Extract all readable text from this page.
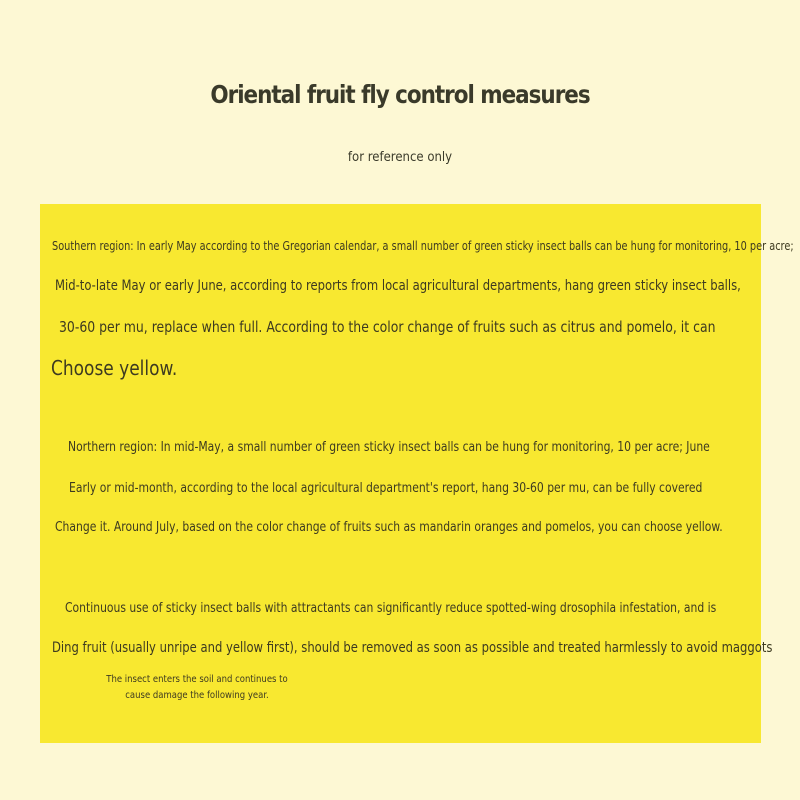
Oriental fruit fly control measures
for reference only
Southern region: In early May according to the Gregorian calendar, a small number of green sticky insect balls can be hung for monitoring, 10 per acre;
Mid-to-late May or early June, according to reports from local agricultural departments, hang green sticky insect balls,
30-60 per mu, replace when full. According to the color change of fruits such as citrus and pomelo, it can
Choose yellow.
Northern region: In mid-May, a small number of green sticky insect balls can be hung for monitoring, 10 per acre; June
Early or mid-month, according to the local agricultural department's report, hang 30-60 per mu, can be fully covered
Change it. Around July, based on the color change of fruits such as mandarin oranges and pomelos, you can choose yellow.
Continuous use of sticky insect balls with attractants can significantly reduce spotted-wing drosophila infestation, and is
Ding fruit (usually unripe and yellow first), should be removed as soon as possible and treated harmlessly to avoid maggots
The insect enters the soil and continues to cause damage the following year.
